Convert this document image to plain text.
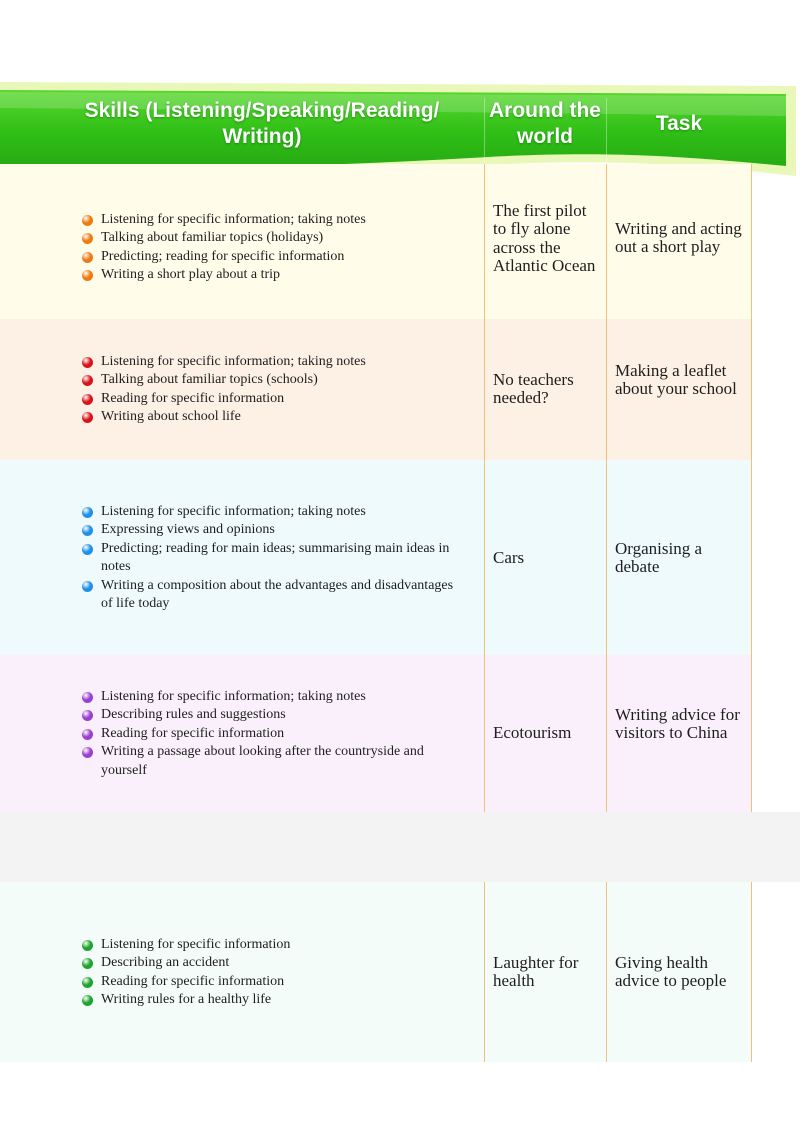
Skills (Listening/Speaking/Reading/
Writing)
Around the
world
Task
Listening for specific information; taking notes
Talking about familiar topics (holidays)
Predicting; reading for specific information
Writing a short play about a trip
The first pilot to fly alone across the Atlantic Ocean
Writing and acting out a short play
Listening for specific information; taking notes
Talking about familiar topics (schools)
Reading for specific information
Writing about school life
No teachers needed?
Making a leaflet about your school
Listening for specific information; taking notes
Expressing views and opinions
Predicting; reading for main ideas; summarising main ideas in notes
Writing a composition about the advantages and disadvantages of life today
Cars	Organising a debate
Listening for specific information; taking notes
Describing rules and suggestions
Reading for specific information
Writing a passage about looking after the countryside and yourself
Ecotourism
Writing advice for visitors to China
Listening for specific information
Describing an accident
Reading for specific information
Writing rules for a healthy life
Laughter for health
Giving health advice to people
